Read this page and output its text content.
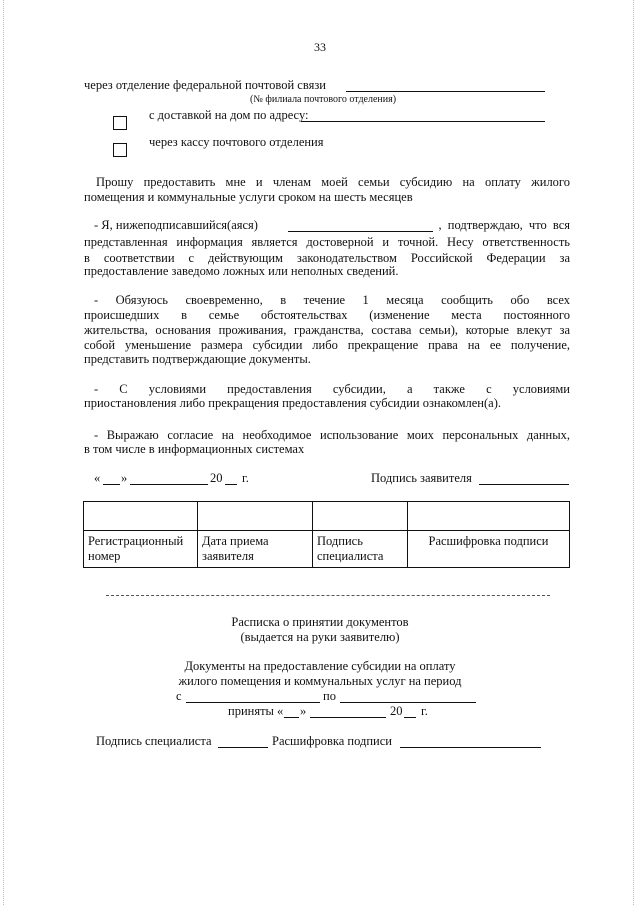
33
через отделение федеральной почтовой связи
(№ филиала почтового отделения)
с доставкой на дом по адресу:
через кассу почтового отделения
Прошу предоставить мне и членам моей семьи субсидию на оплату жилого
помещения и коммунальные услуги сроком на шесть месяцев
- Я, нижеподписавшийся(аяся)	, подтверждаю, что вся
представленная информация является достоверной и точной. Несу ответственность
в соответствии с действующим законодательством Российской Федерации за
предоставление заведомо ложных или неполных сведений.
- Обязуюсь своевременно, в течение 1 месяца сообщить обо всех
происшедших в семье обстоятельствах (изменение места постоянного
жительства, основания проживания, гражданства, состава семьи), которые влекут за
собой уменьшение размера субсидии либо прекращение права на ее получение,
представить подтверждающие документы.
- С условиями предоставления субсидии, а также с условиями
приостановления либо прекращения предоставления субсидии ознакомлен(а).
- Выражаю согласие на необходимое использование моих персональных данных,
в том числе в информационных системах
« »	20 г.	Подпись заявителя

Регистрационный номер	Дата приема заявителя	Подпись специалиста	Расшифровка подписи
Расписка о принятии документов
(выдается на руки заявителю)
Документы на предоставление субсидии на оплату
жилого помещения и коммунальных услуг на период
с	по
приняты « »	20 г.
Подпись специалиста	Расшифровка подписи
